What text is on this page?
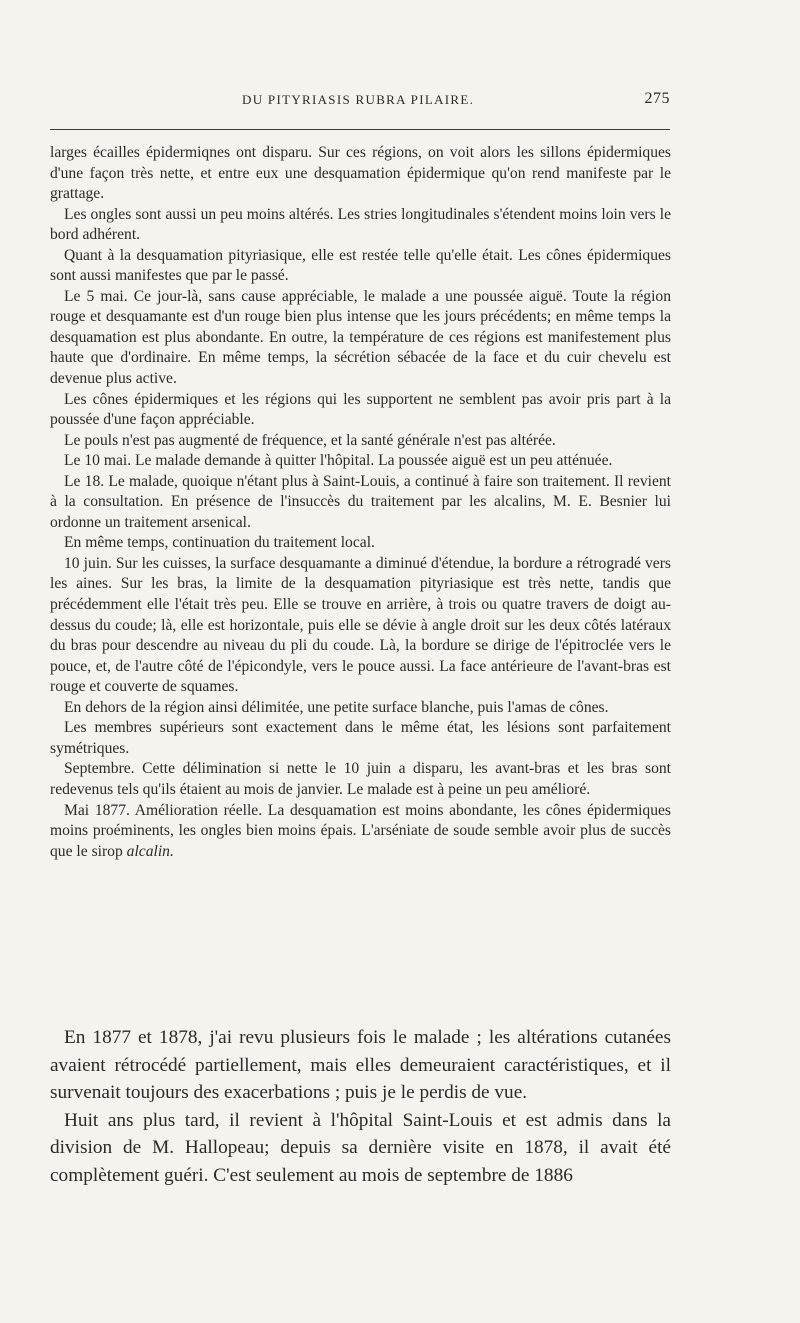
DU PITYRIASIS RUBRA PILAIRE.	275

larges écailles épidermiqnes ont disparu. Sur ces régions, on voit alors les sillons épidermiques d'une façon très nette, et entre eux une desquamation épidermique qu'on rend manifeste par le grattage.

Les ongles sont aussi un peu moins altérés. Les stries longitudinales s'étendent moins loin vers le bord adhérent.

Quant à la desquamation pityriasique, elle est restée telle qu'elle était. Les cônes épidermiques sont aussi manifestes que par le passé.

Le 5 mai. Ce jour-là, sans cause appréciable, le malade a une poussée aiguë. Toute la région rouge et desquamante est d'un rouge bien plus intense que les jours précédents; en même temps la desquamation est plus abondante. En outre, la température de ces régions est manifestement plus haute que d'ordinaire. En même temps, la sécrétion sébacée de la face et du cuir chevelu est devenue plus active.

Les cônes épidermiques et les régions qui les supportent ne semblent pas avoir pris part à la poussée d'une façon appréciable.

Le pouls n'est pas augmenté de fréquence, et la santé générale n'est pas altérée.

Le 10 mai. Le malade demande à quitter l'hôpital. La poussée aiguë est un peu atténuée.

Le 18. Le malade, quoique n'étant plus à Saint-Louis, a continué à faire son traitement. Il revient à la consultation. En présence de l'insuccès du traitement par les alcalins, M. E. Besnier lui ordonne un traitement arsenical.

En même temps, continuation du traitement local.

10 juin. Sur les cuisses, la surface desquamante a diminué d'étendue, la bordure a rétrogradé vers les aines. Sur les bras, la limite de la desquamation pityriasique est très nette, tandis que précédemment elle l'était très peu. Elle se trouve en arrière, à trois ou quatre travers de doigt au-dessus du coude; là, elle est horizontale, puis elle se dévie à angle droit sur les deux côtés latéraux du bras pour descendre au niveau du pli du coude. Là, la bordure se dirige de l'épitroclée vers le pouce, et, de l'autre côté de l'épicondyle, vers le pouce aussi. La face antérieure de l'avant-bras est rouge et couverte de squames.

En dehors de la région ainsi délimitée, une petite surface blanche, puis l'amas de cônes.

Les membres supérieurs sont exactement dans le même état, les lésions sont parfaitement symétriques.

Septembre. Cette délimination si nette le 10 juin a disparu, les avant-bras et les bras sont redevenus tels qu'ils étaient au mois de janvier. Le malade est à peine un peu amélioré.

Mai 1877. Amélioration réelle. La desquamation est moins abondante, les cônes épidermiques moins proéminents, les ongles bien moins épais. L'arséniate de soude semble avoir plus de succès que le sirop alcalin.

En 1877 et 1878, j'ai revu plusieurs fois le malade ; les altérations cutanées avaient rétrocédé partiellement, mais elles demeuraient caractéristiques, et il survenait toujours des exacerbations ; puis je le perdis de vue.

Huit ans plus tard, il revient à l'hôpital Saint-Louis et est admis dans la division de M. Hallopeau; depuis sa dernière visite en 1878, il avait été complètement guéri. C'est seulement au mois de septembre de 1886
